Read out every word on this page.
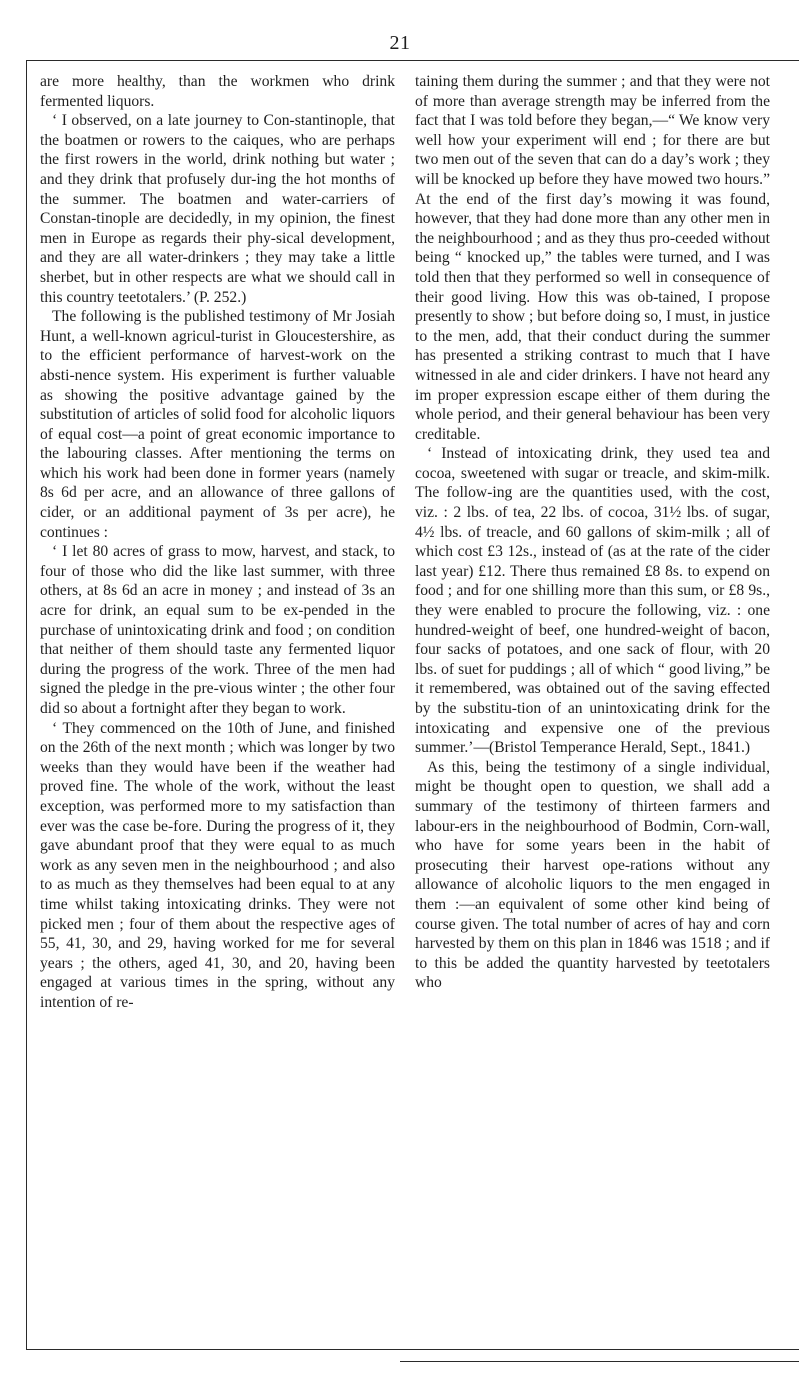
21

are more healthy, than the workmen who drink fermented liquors.

‘ I observed, on a late journey to Con-stantinople, that the boatmen or rowers to the caiques, who are perhaps the first rowers in the world, drink nothing but water ; and they drink that profusely dur-ing the hot months of the summer. The boatmen and water-carriers of Constan-tinople are decidedly, in my opinion, the finest men in Europe as regards their phy-sical development, and they are all water-drinkers ; they may take a little sherbet, but in other respects are what we should call in this country teetotalers.’ (P. 252.)

The following is the published testimony of Mr Josiah Hunt, a well-known agricul-turist in Gloucestershire, as to the efficient performance of harvest-work on the absti-nence system. His experiment is further valuable as showing the positive advantage gained by the substitution of articles of solid food for alcoholic liquors of equal cost—a point of great economic importance to the labouring classes. After mentioning the terms on which his work had been done in former years (namely 8s 6d per acre, and an allowance of three gallons of cider, or an additional payment of 3s per acre), he continues :

‘ I let 80 acres of grass to mow, harvest, and stack, to four of those who did the like last summer, with three others, at 8s 6d an acre in money ; and instead of 3s an acre for drink, an equal sum to be ex-pended in the purchase of unintoxicating drink and food ; on condition that neither of them should taste any fermented liquor during the progress of the work. Three of the men had signed the pledge in the pre-vious winter ; the other four did so about a fortnight after they began to work.

‘ They commenced on the 10th of June, and finished on the 26th of the next month ; which was longer by two weeks than they would have been if the weather had proved fine. The whole of the work, without the least exception, was performed more to my satisfaction than ever was the case be-fore. During the progress of it, they gave abundant proof that they were equal to as much work as any seven men in the neighbourhood ; and also to as much as they themselves had been equal to at any time whilst taking intoxicating drinks. They were not picked men ; four of them about the respective ages of 55, 41, 30, and 29, having worked for me for several years ; the others, aged 41, 30, and 20, having been engaged at various times in the spring, without any intention of re-

taining them during the summer ; and that they were not of more than average strength may be inferred from the fact that I was told before they began,—“ We know very well how your experiment will end ; for there are but two men out of the seven that can do a day’s work ; they will be knocked up before they have mowed two hours.” At the end of the first day’s mowing it was found, however, that they had done more than any other men in the neighbourhood ; and as they thus pro-ceeded without being “ knocked up,” the tables were turned, and I was told then that they performed so well in consequence of their good living. How this was ob-tained, I propose presently to show ; but before doing so, I must, in justice to the men, add, that their conduct during the summer has presented a striking contrast to much that I have witnessed in ale and cider drinkers. I have not heard any im proper expression escape either of them during the whole period, and their general behaviour has been very creditable.

‘ Instead of intoxicating drink, they used tea and cocoa, sweetened with sugar or treacle, and skim-milk. The follow-ing are the quantities used, with the cost, viz. : 2 lbs. of tea, 22 lbs. of cocoa, 31½ lbs. of sugar, 4½ lbs. of treacle, and 60 gallons of skim-milk ; all of which cost £3 12s., instead of (as at the rate of the cider last year) £12. There thus remained £8 8s. to expend on food ; and for one shilling more than this sum, or £8 9s., they were enabled to procure the following, viz. : one hundred-weight of beef, one hundred-weight of bacon, four sacks of potatoes, and one sack of flour, with 20 lbs. of suet for puddings ; all of which “ good living,” be it remembered, was obtained out of the saving effected by the substitu-tion of an unintoxicating drink for the intoxicating and expensive one of the previous summer.’—(Bristol Temperance Herald, Sept., 1841.)

As this, being the testimony of a single individual, might be thought open to question, we shall add a summary of the testimony of thirteen farmers and labour-ers in the neighbourhood of Bodmin, Corn-wall, who have for some years been in the habit of prosecuting their harvest ope-rations without any allowance of alcoholic liquors to the men engaged in them :—an equivalent of some other kind being of course given. The total number of acres of hay and corn harvested by them on this plan in 1846 was 1518 ; and if to this be added the quantity harvested by teetotalers who
